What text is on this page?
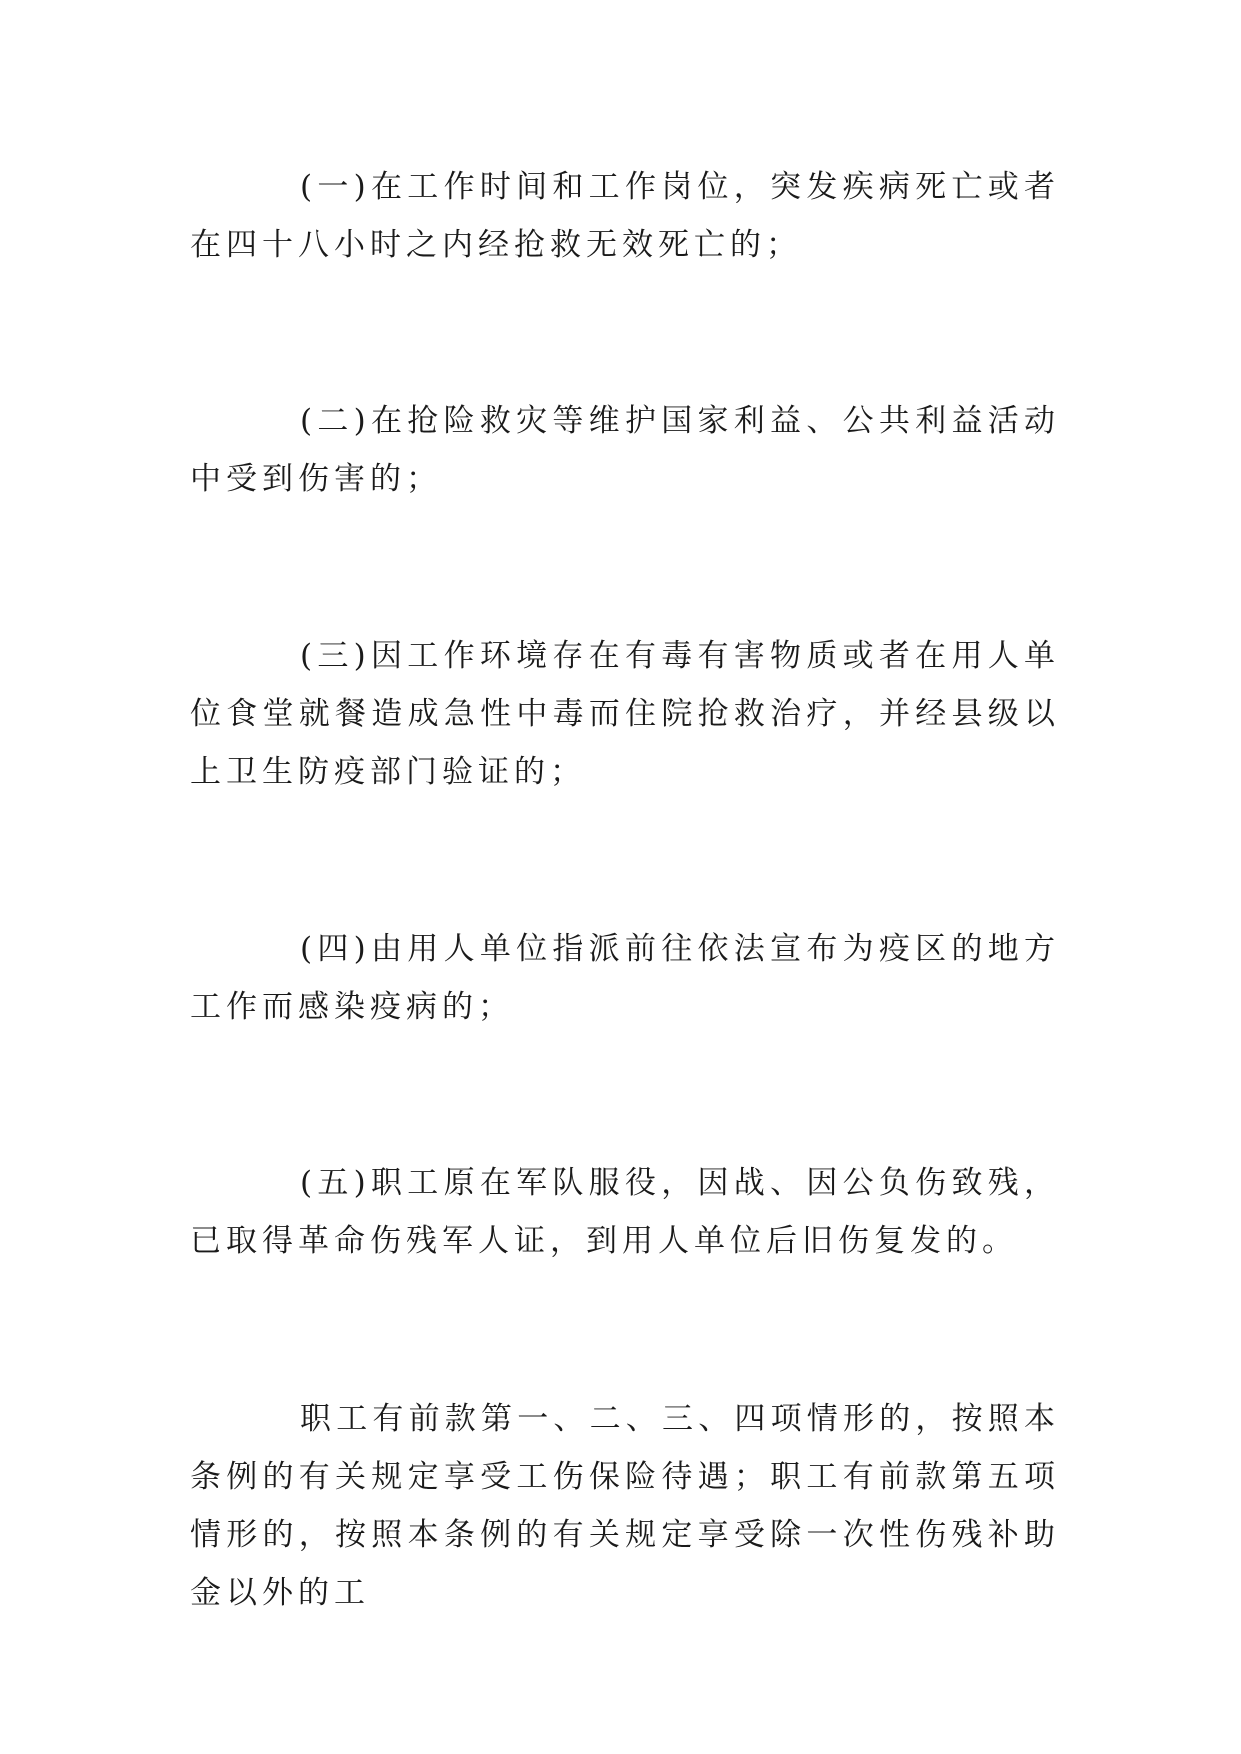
(一)在工作时间和工作岗位，突发疾病死亡或者在四十八小时之内经抢救无效死亡的；

(二)在抢险救灾等维护国家利益、公共利益活动中受到伤害的；

(三)因工作环境存在有毒有害物质或者在用人单位食堂就餐造成急性中毒而住院抢救治疗，并经县级以上卫生防疫部门验证的；

(四)由用人单位指派前往依法宣布为疫区的地方工作而感染疫病的；

(五)职工原在军队服役，因战、因公负伤致残，已取得革命伤残军人证，到用人单位后旧伤复发的。

职工有前款第一、二、三、四项情形的，按照本条例的有关规定享受工伤保险待遇；职工有前款第五项情形的，按照本条例的有关规定享受除一次性伤残补助金以外的工
